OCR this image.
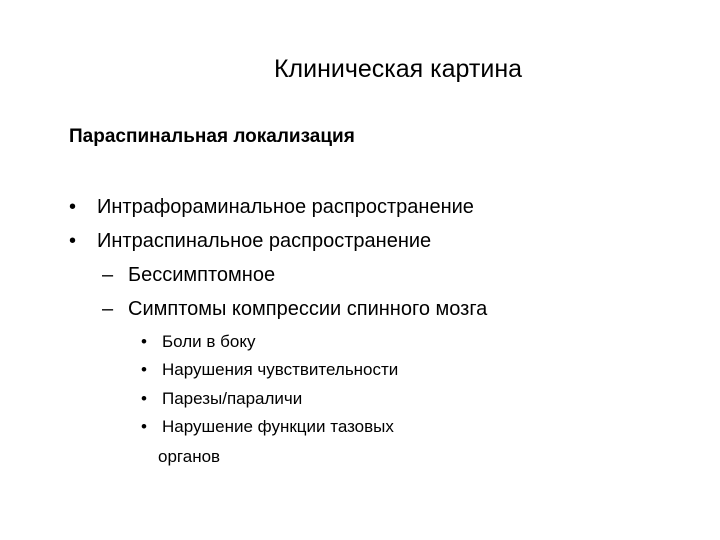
Клиническая картина
Параспинальная локализация
• Интрафораминальное распространение
• Интраспинальное распространение
– Бессимптомное
– Симптомы компрессии спинного мозга
• Боли в боку
• Нарушения чувствительности
• Парезы/параличи
• Нарушение функции тазовых
органов
